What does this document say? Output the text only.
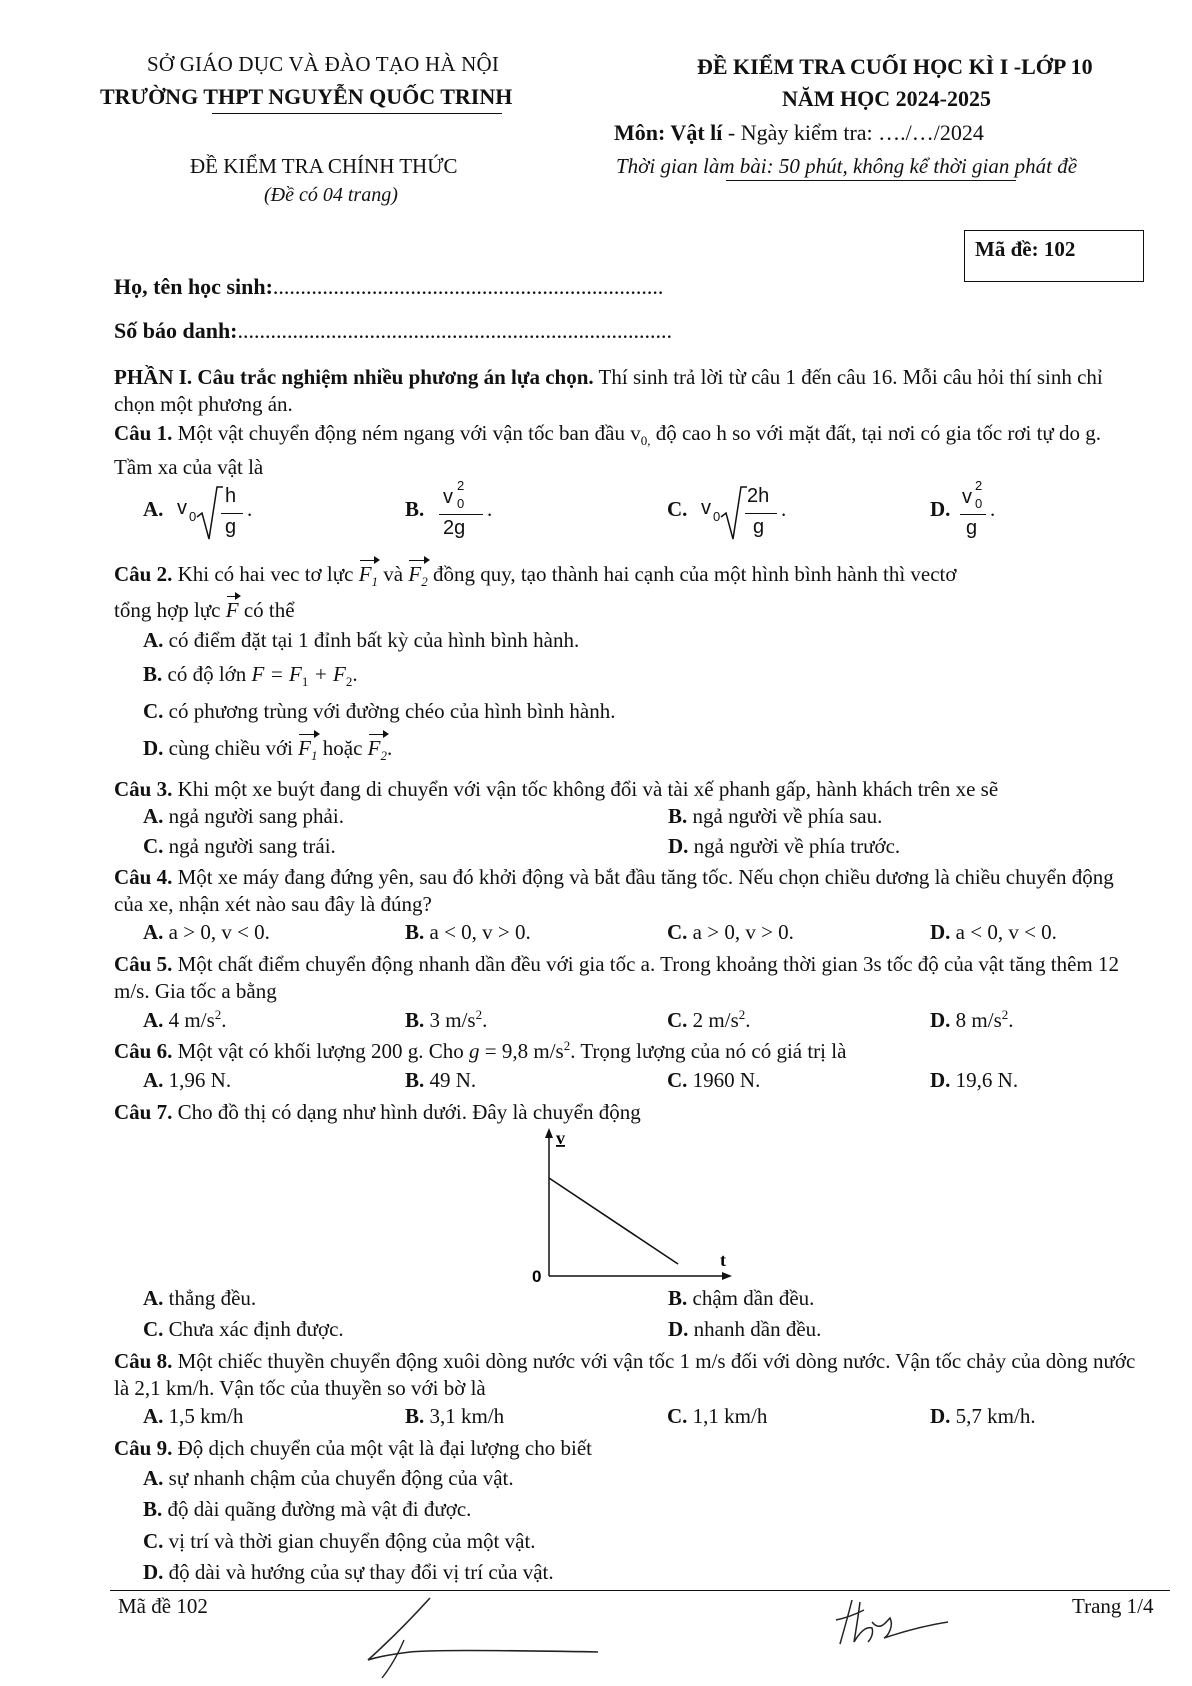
SỞ GIÁO DỤC VÀ ĐÀO TẠO HÀ NỘI
TRƯỜNG THPT NGUYỄN QUỐC TRINH
ĐỀ KIỂM TRA CHÍNH THỨC
(Đề có 04 trang)
ĐỀ KIỂM TRA CUỐI HỌC KÌ I -LỚP 10
NĂM HỌC 2024-2025
Môn: Vật lí - Ngày kiểm tra: …./…/2024
Thời gian làm bài: 50 phút, không kể thời gian phát đề
Mã đề: 102
Họ, tên học sinh:.......................................................................
Số báo danh:...............................................................................
PHẦN I. Câu trắc nghiệm nhiều phương án lựa chọn. Thí sinh trả lời từ câu 1 đến câu 16. Mỗi câu hỏi thí sinh chỉ chọn một phương án.
Câu 1. Một vật chuyển động ném ngang với vận tốc ban đầu $v_{0,}$ độ cao h so với mặt đất, tại nơi có gia tốc rơi tự do g. Tầm xa của vật là
A. v 0
h
g
.	B. v
2
0
2g
.	C. v 0
2h
g
.	D. v
2
0
g
.
Câu 2. Khi có hai vec tơ lực $F_1$ và $F_2$ đồng quy, tạo thành hai cạnh của một hình bình hành thì vectơ
tổng hợp lực F có thể
A. có điểm đặt tại 1 đỉnh bất kỳ của hình bình hành.
B. có độ lớn $F = F_1 + F_2$.
C. có phương trùng với đường chéo của hình bình hành.
D. cùng chiều với $F_1$ hoặc $F_2$.
Câu 3. Khi một xe buýt đang di chuyển với vận tốc không đổi và tài xế phanh gấp, hành khách trên xe sẽ
A. ngả người sang phải.	B. ngả người về phía sau.
C. ngả người sang trái.	D. ngả người về phía trước.
Câu 4. Một xe máy đang đứng yên, sau đó khởi động và bắt đầu tăng tốc. Nếu chọn chiều dương là chiều chuyển động của xe, nhận xét nào sau đây là đúng?
A. a > 0, v < 0.	B. a < 0, v > 0.	C. a > 0, v > 0.	D. a < 0, v < 0.
Câu 5. Một chất điểm chuyển động nhanh dần đều với gia tốc a. Trong khoảng thời gian 3s tốc độ của vật tăng thêm 12 m/s. Gia tốc a bằng
A. 4 $m/s^2$.	B. 3 $m/s^2$.	C. 2 $m/s^2$.	D. 8 $m/s^2$.
Câu 6. Một vật có khối lượng 200 g. Cho g = 9,8 $m/s^2$. Trọng lượng của nó có giá trị là
A. 1,96 N.	B. 49 N.	C. 1960 N.	D. 19,6 N.
Câu 7. Cho đồ thị có dạng như hình dưới. Đây là chuyển động
v
t
0
A. thẳng đều.	B. chậm dần đều.
C. Chưa xác định được.	D. nhanh dần đều.
Câu 8. Một chiếc thuyền chuyển động xuôi dòng nước với vận tốc 1 m/s đối với dòng nước. Vận tốc chảy của dòng nước là 2,1 km/h. Vận tốc của thuyền so với bờ là
A. 1,5 km/h	B. 3,1 km/h	C. 1,1 km/h	D. 5,7 km/h.
Câu 9. Độ dịch chuyển của một vật là đại lượng cho biết
A. sự nhanh chậm của chuyển động của vật.
B. độ dài quãng đường mà vật đi được.
C. vị trí và thời gian chuyển động của một vật.
D. độ dài và hướng của sự thay đổi vị trí của vật.
Mã đề 102	Trang 1/4
